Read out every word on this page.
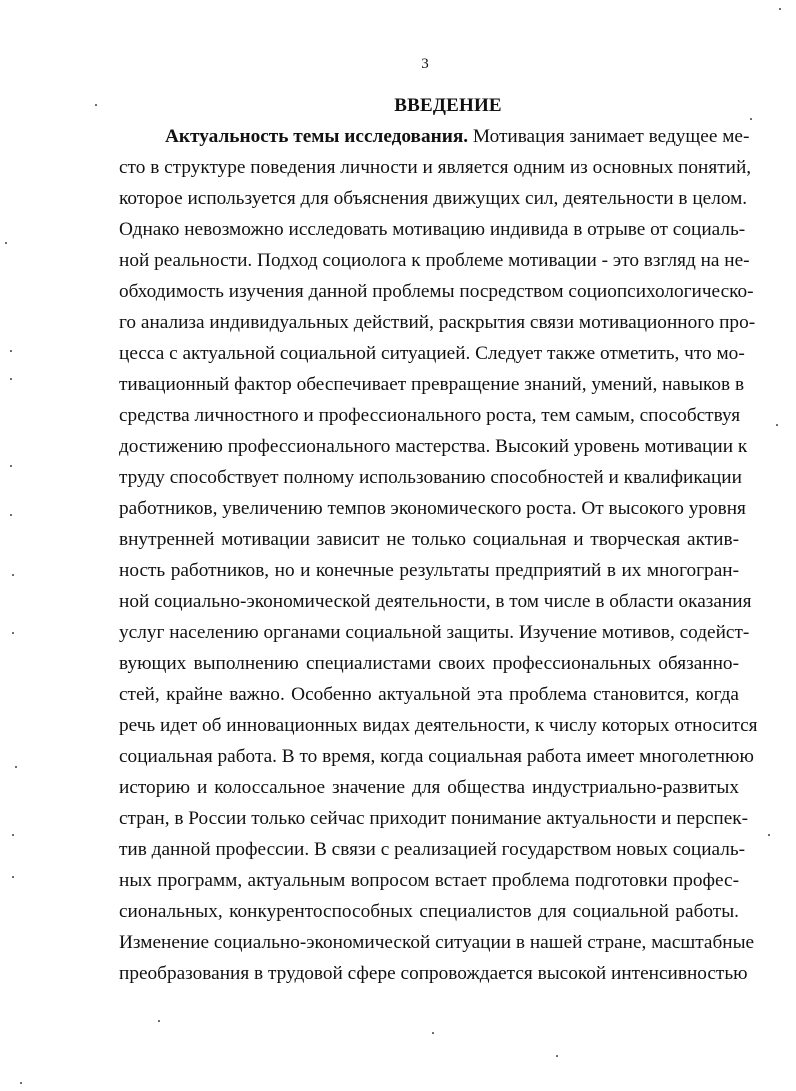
3
ВВЕДЕНИЕ
Актуальность темы исследования. Мотивация занимает ведущее ме-
сто в структуре поведения личности и является одним из основных понятий,
которое используется для объяснения движущих сил, деятельности в целом.
Однако невозможно исследовать мотивацию индивида в отрыве от социаль-
ной реальности. Подход социолога к проблеме мотивации - это взгляд на не-
обходимость изучения данной проблемы посредством социопсихологическо-
го анализа индивидуальных действий, раскрытия связи мотивационного про-
цесса с актуальной социальной ситуацией. Следует также отметить, что мо-
тивационный фактор обеспечивает превращение знаний, умений, навыков в
средства личностного и профессионального роста, тем самым, способствуя
достижению профессионального мастерства. Высокий уровень мотивации к
труду способствует полному использованию способностей и квалификации
работников, увеличению темпов экономического роста. От высокого уровня
внутренней мотивации зависит не только социальная и творческая актив-
ность работников, но и конечные результаты предприятий в их многогран-
ной социально-экономической деятельности, в том числе в области оказания
услуг населению органами социальной защиты. Изучение мотивов, содейст-
вующих выполнению специалистами своих профессиональных обязанно-
стей, крайне важно. Особенно актуальной эта проблема становится, когда
речь идет об инновационных видах деятельности, к числу которых относится
социальная работа. В то время, когда социальная работа имеет многолетнюю
историю и колоссальное значение для общества индустриально-развитых
стран, в России только сейчас приходит понимание актуальности и перспек-
тив данной профессии. В связи с реализацией государством новых социаль-
ных программ, актуальным вопросом встает проблема подготовки профес-
сиональных, конкурентоспособных специалистов для социальной работы.
Изменение социально-экономической ситуации в нашей стране, масштабные
преобразования в трудовой сфере сопровождается высокой интенсивностью
